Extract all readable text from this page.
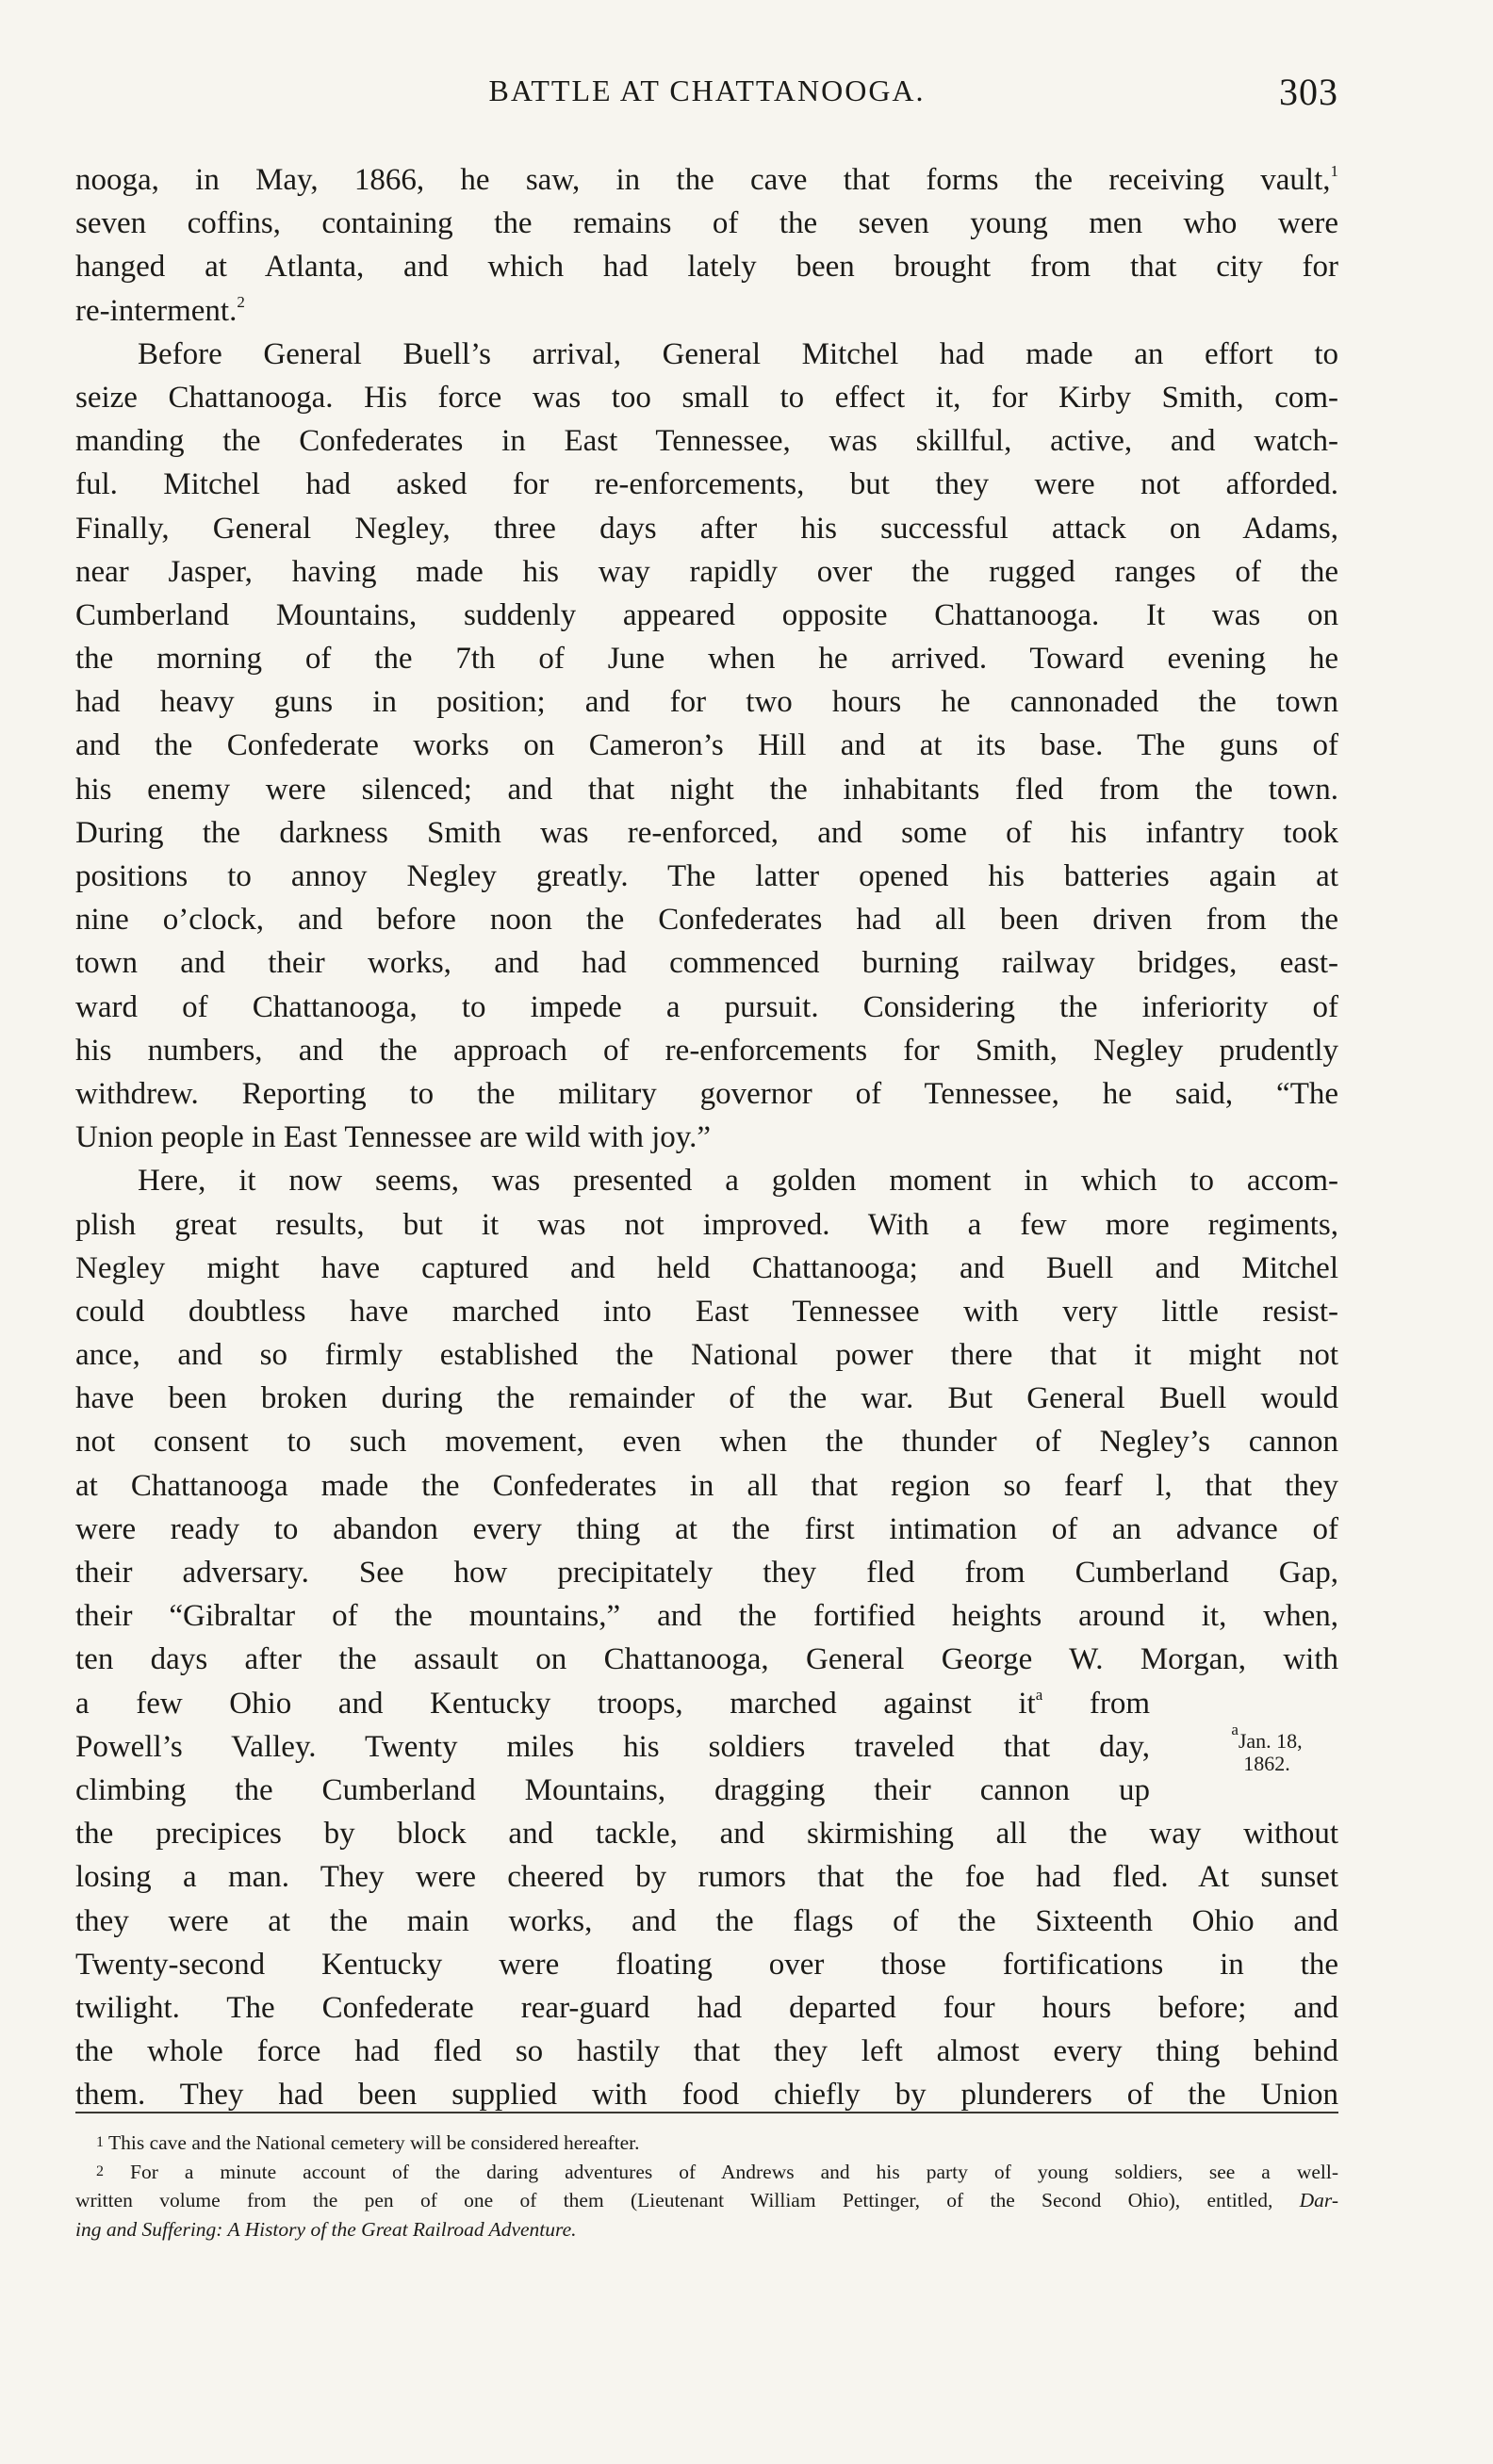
BATTLE AT CHATTANOOGA.	303
nooga, in May, 1866, he saw, in the cave that forms the receiving vault,$^1$
seven coffins, containing the remains of the seven young men who were
hanged at Atlanta, and which had lately been brought from that city for
re-interment.$^2$
Before General Buell’s arrival, General Mitchel had made an effort to
seize Chattanooga. His force was too small to effect it, for Kirby Smith, com-
manding the Confederates in East Tennessee, was skillful, active, and watch-
ful. Mitchel had asked for re-enforcements, but they were not afforded.
Finally, General Negley, three days after his successful attack on Adams,
near Jasper, having made his way rapidly over the rugged ranges of the
Cumberland Mountains, suddenly appeared opposite Chattanooga. It was on
the morning of the 7th of June when he arrived. Toward evening he
had heavy guns in position; and for two hours he cannonaded the town
and the Confederate works on Cameron’s Hill and at its base. The guns of
his enemy were silenced; and that night the inhabitants fled from the town.
During the darkness Smith was re-enforced, and some of his infantry took
positions to annoy Negley greatly. The latter opened his batteries again at
nine o’clock, and before noon the Confederates had all been driven from the
town and their works, and had commenced burning railway bridges, east-
ward of Chattanooga, to impede a pursuit. Considering the inferiority of
his numbers, and the approach of re-enforcements for Smith, Negley prudently
withdrew. Reporting to the military governor of Tennessee, he said, “The
Union people in East Tennessee are wild with joy.”
Here, it now seems, was presented a golden moment in which to accom-
plish great results, but it was not improved. With a few more regiments,
Negley might have captured and held Chattanooga; and Buell and Mitchel
could doubtless have marched into East Tennessee with very little resist-
ance, and so firmly established the National power there that it might not
have been broken during the remainder of the war. But General Buell would
not consent to such movement, even when the thunder of Negley’s cannon
at Chattanooga made the Confederates in all that region so fearf l, that they
were ready to abandon every thing at the first intimation of an advance of
their adversary. See how precipitately they fled from Cumberland Gap,
their “Gibraltar of the mountains,” and the fortified heights around it, when,
ten days after the assault on Chattanooga, General George W. Morgan, with
a few Ohio and Kentucky troops, marched against $it^a$ from
Powell’s Valley. Twenty miles his soldiers traveled that day,
climbing the Cumberland Mountains, dragging their cannon up
the precipices by block and tackle, and skirmishing all the way without
losing a man. They were cheered by rumors that the foe had fled. At sunset
they were at the main works, and the flags of the Sixteenth Ohio and
Twenty-second Kentucky were floating over those fortifications in the
twilight. The Confederate rear-guard had departed four hours before; and
the whole force had fled so hastily that they left almost every thing behind
them. They had been supplied with food chiefly by plunderers of the Union
$^a$Jan. 18,
1862.
1 This cave and the National cemetery will be considered hereafter.
2 For a minute account of the daring adventures of Andrews and his party of young soldiers, see a well-
written volume from the pen of one of them (Lieutenant William Pettinger, of the Second Ohio), entitled, Dar-
ing and Suffering: A History of the Great Railroad Adventure.
